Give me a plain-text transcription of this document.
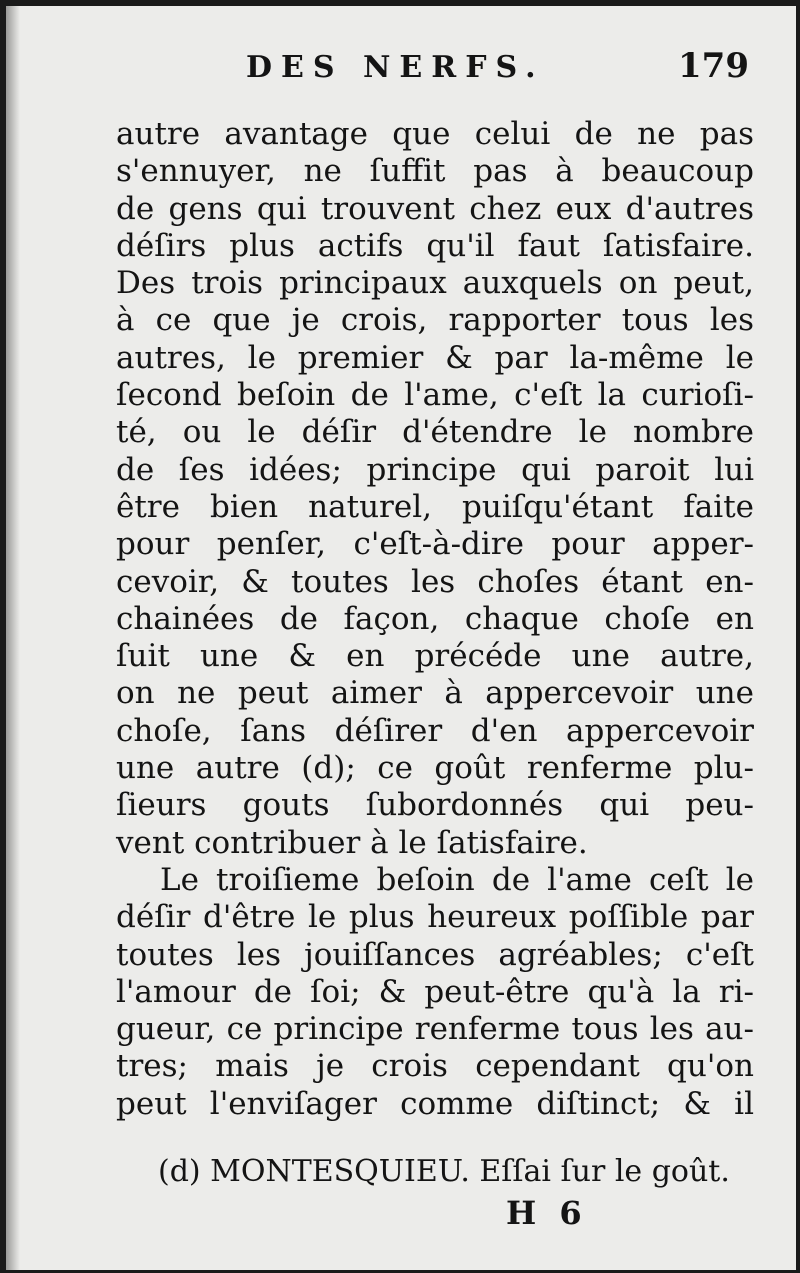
DES NERFS.	179
autre avantage que celui de ne pas
s'ennuyer, ne ſuffit pas à beaucoup
de gens qui trouvent chez eux d'autres
déſirs plus actifs qu'il faut ſatisfaire.
Des trois principaux auxquels on peut,
à ce que je crois, rapporter tous les
autres, le premier & par la-même le
ſecond beſoin de l'ame, c'eſt la curioſi-
té, ou le déſir d'étendre le nombre
de ſes idées; principe qui paroit lui
être bien naturel, puiſqu'étant faite
pour penſer, c'eſt-à-dire pour apper-
cevoir, & toutes les choſes étant en-
chainées de façon, chaque choſe en
ſuit une & en précéde une autre,
on ne peut aimer à appercevoir une
choſe, ſans déſirer d'en appercevoir
une autre (d); ce goût renferme plu-
ſieurs gouts ſubordonnés qui peu-
vent contribuer à le ſatisfaire.
Le troiſieme beſoin de l'ame ceſt le
déſir d'être le plus heureux poſſible par
toutes les jouiſſances agréables; c'eſt
l'amour de ſoi; & peut-être qu'à la ri-
gueur, ce principe renferme tous les au-
tres; mais je crois cependant qu'on
peut l'enviſager comme diſtinct; & il
(d) MONTESQUIEU. Eſſai ſur le goût.
H 6
